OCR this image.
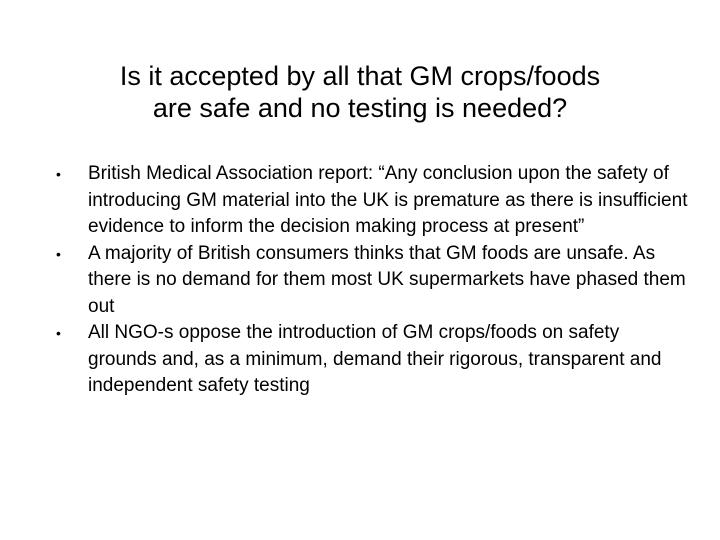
Is it accepted by all that GM crops/foods
are safe and no testing is needed?
•	British Medical Association report: “Any conclusion upon the safety of introducing GM material into the UK is premature as there is insufficient evidence to inform the decision making process at present”
•	A majority of British consumers thinks that GM foods are unsafe. As there is no demand for them most UK supermarkets have phased them out
•	All NGO-s oppose the introduction of GM crops/foods on safety grounds and, as a minimum, demand their rigorous, transparent and independent safety testing
